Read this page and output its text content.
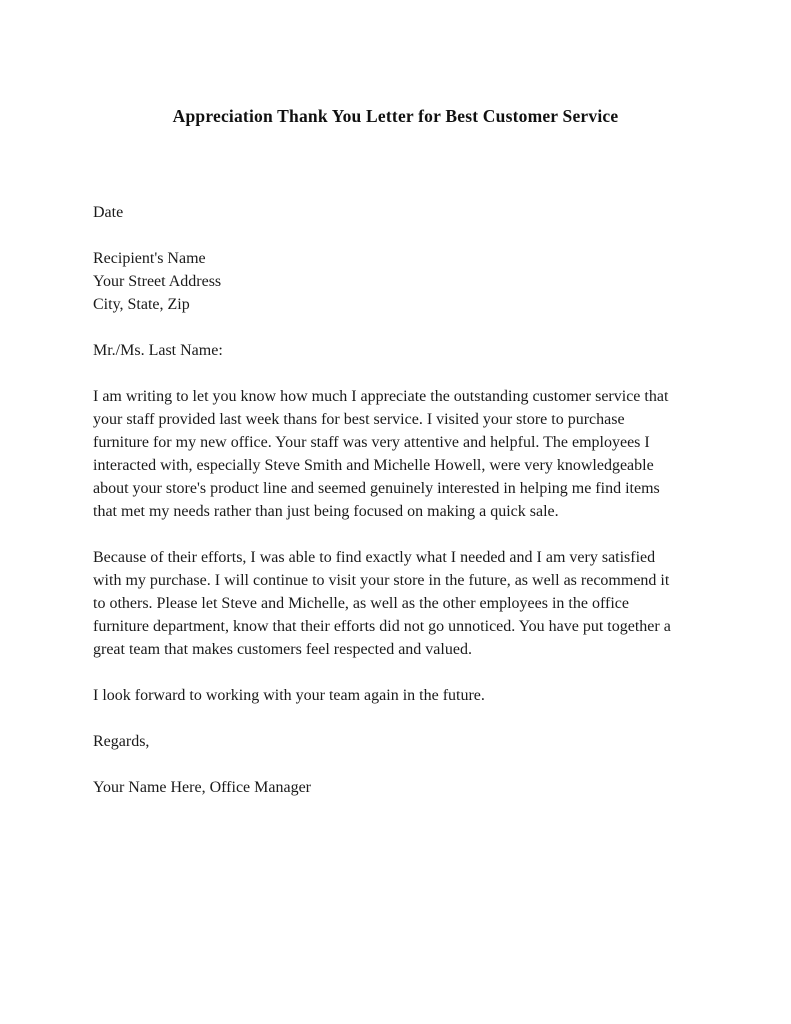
Appreciation Thank You Letter for Best Customer Service

Date

Recipient's Name

Your Street Address

City, State, Zip

Mr./Ms. Last Name:

I am writing to let you know how much I appreciate the outstanding customer service that your staff provided last week thans for best service. I visited your store to purchase furniture for my new office. Your staff was very attentive and helpful. The employees I interacted with, especially Steve Smith and Michelle Howell, were very knowledgeable about your store's product line and seemed genuinely interested in helping me find items that met my needs rather than just being focused on making a quick sale.

Because of their efforts, I was able to find exactly what I needed and I am very satisfied with my purchase. I will continue to visit your store in the future, as well as recommend it to others. Please let Steve and Michelle, as well as the other employees in the office furniture department, know that their efforts did not go unnoticed. You have put together a great team that makes customers feel respected and valued.

I look forward to working with your team again in the future.

Regards,

Your Name Here, Office Manager
